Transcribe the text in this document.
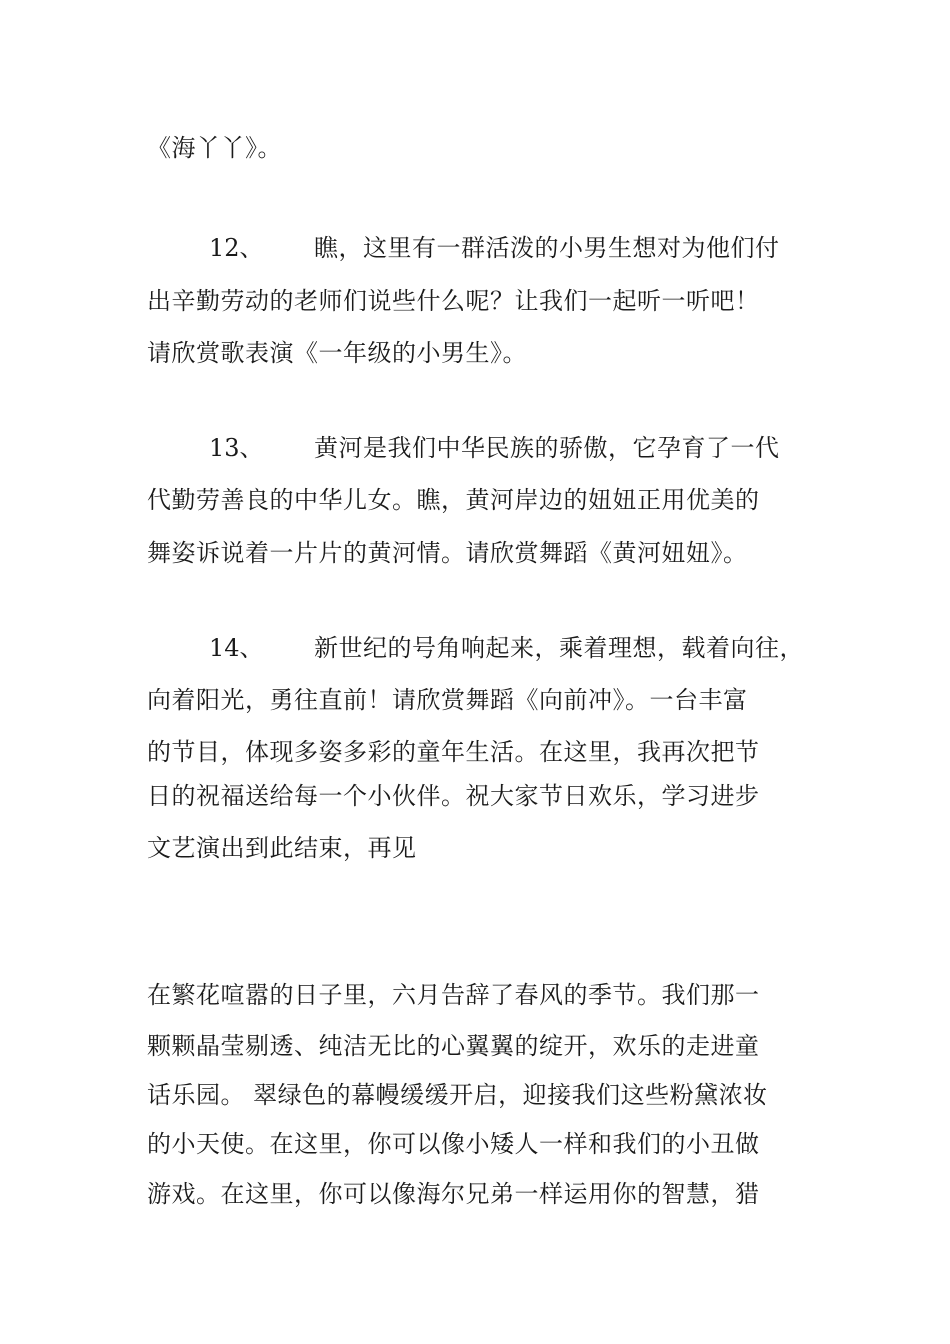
《海丫丫》。
12、 瞧，这里有一群活泼的小男生想对为他们付
出辛勤劳动的老师们说些什么呢？让我们一起听一听吧！
请欣赏歌表演《一年级的小男生》。
13、 黄河是我们中华民族的骄傲，它孕育了一代
代勤劳善良的中华儿女。瞧，黄河岸边的妞妞正用优美的
舞姿诉说着一片片的黄河情。请欣赏舞蹈《黄河妞妞》。
14、 新世纪的号角响起来，乘着理想，载着向往，
向着阳光，勇往直前！请欣赏舞蹈《向前冲》。一台丰富
的节目，体现多姿多彩的童年生活。在这里，我再次把节
日的祝福送给每一个小伙伴。祝大家节日欢乐，学习进步
文艺演出到此结束，再见
在繁花喧嚣的日子里，六月告辞了春风的季节。我们那一
颗颗晶莹剔透、纯洁无比的心翼翼的绽开，欢乐的走进童
话乐园。 翠绿色的幕幔缓缓开启，迎接我们这些粉黛浓妆
的小天使。在这里，你可以像小矮人一样和我们的小丑做
游戏。在这里，你可以像海尔兄弟一样运用你的智慧，猎
